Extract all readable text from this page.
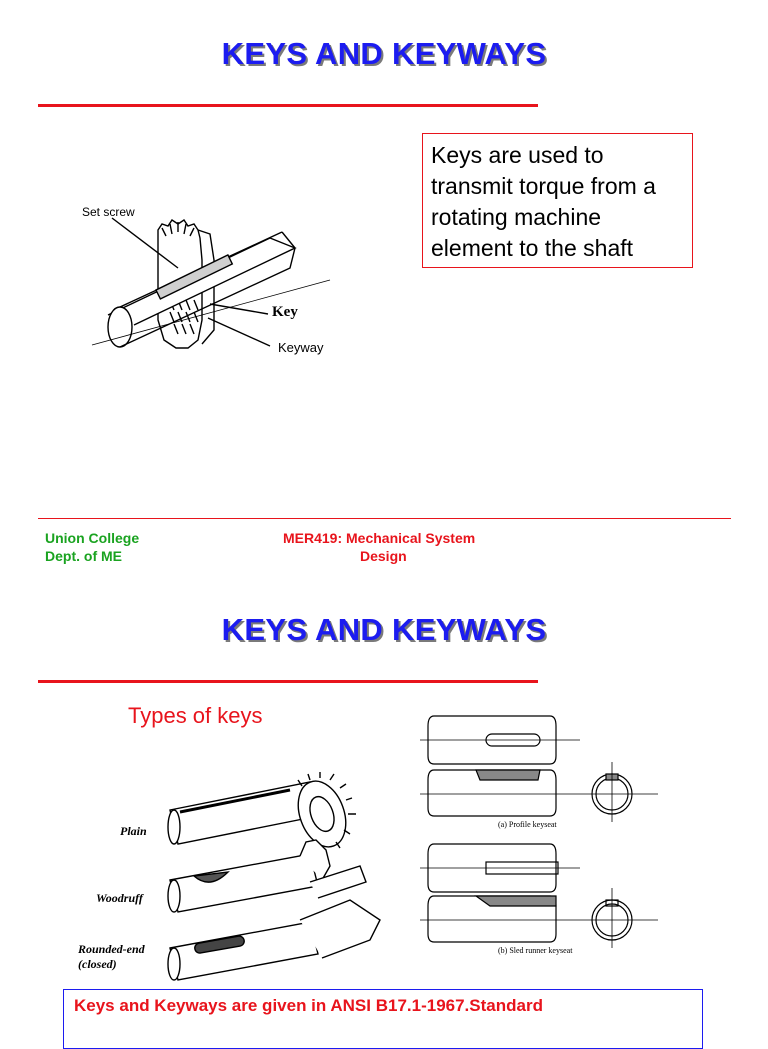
KEYS AND KEYWAYS
Keys are used to
transmit torque from a
rotating machine
element to the shaft
Set screw
Key
Keyway
Union College
Dept. of ME
MER419: Mechanical System
Design
KEYS AND KEYWAYS
Types of keys
Plain
Woodruff
Rounded-end
(closed)
(a) Profile keyseat
(b) Sled runner keyseat
Keys and Keyways are given in ANSI B17.1-1967.Standard
